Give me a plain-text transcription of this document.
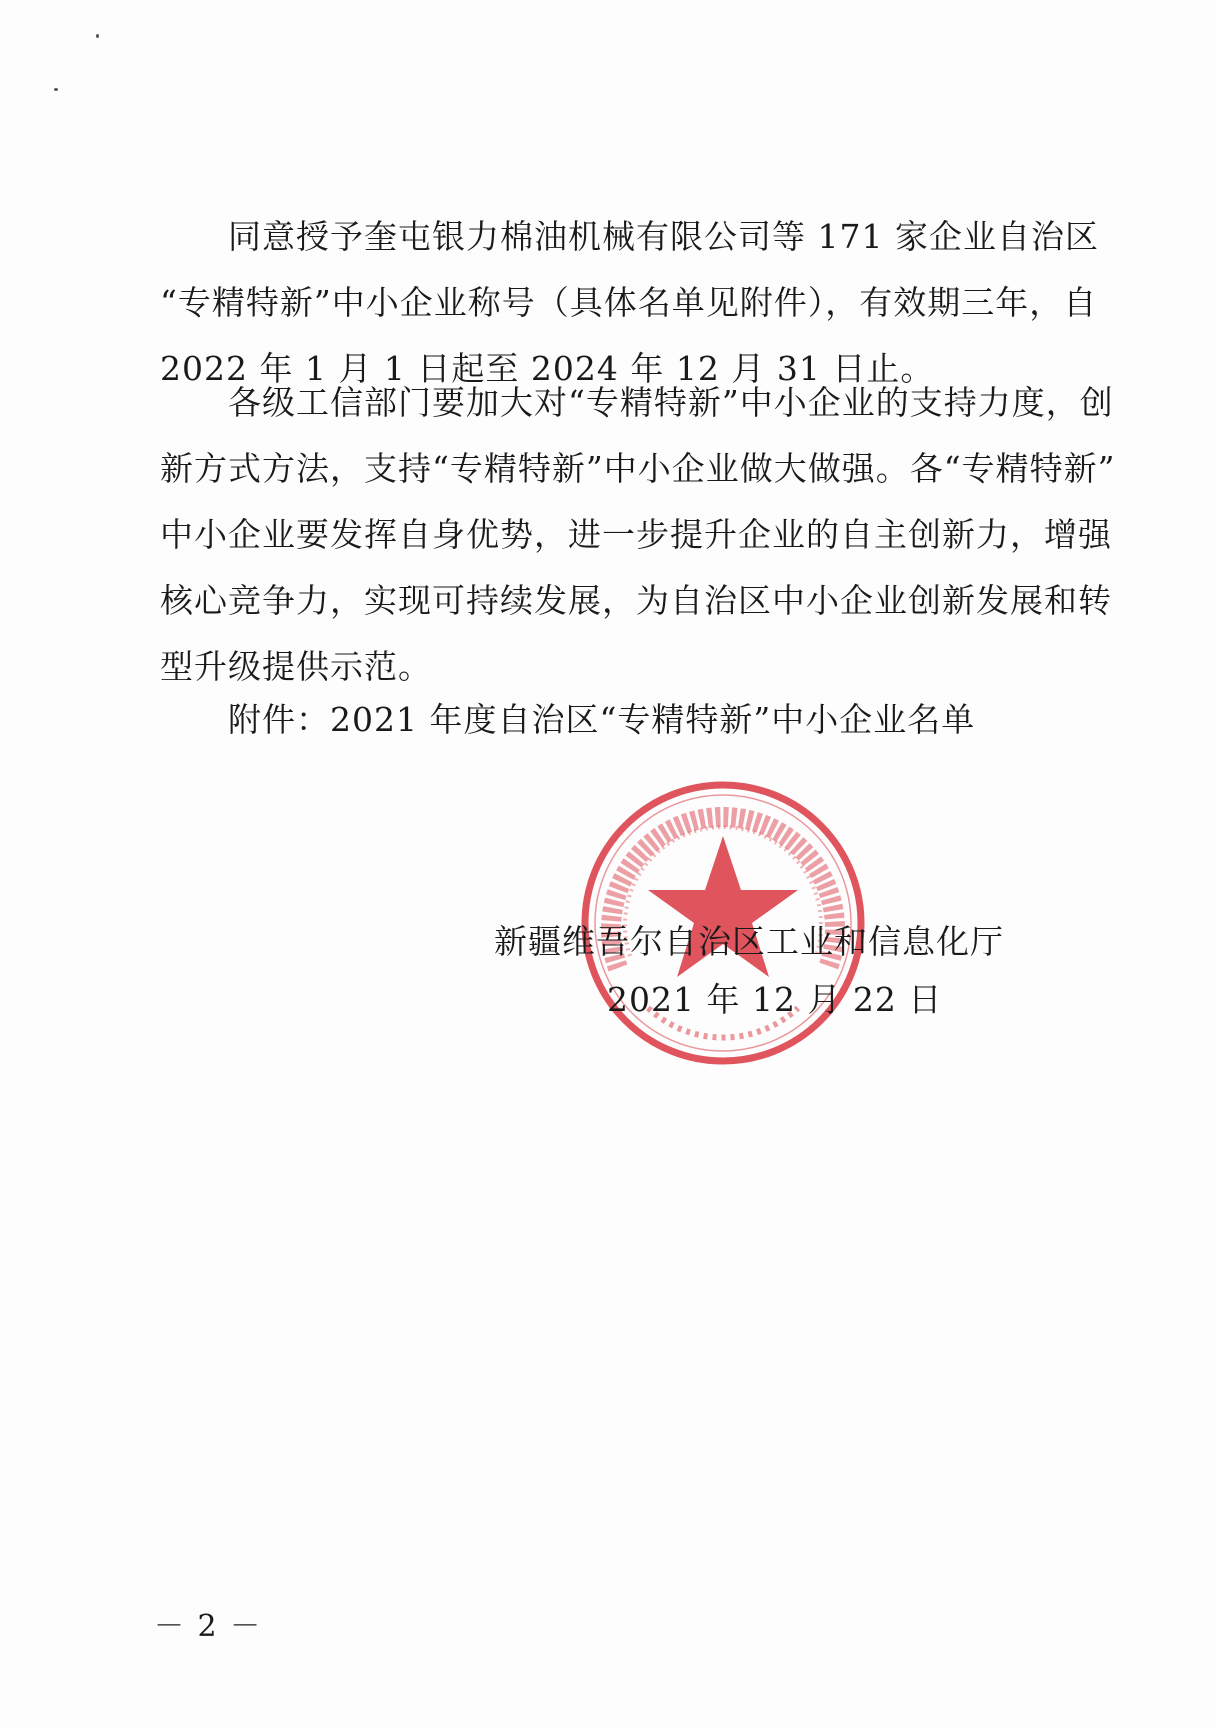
同意授予奎屯银力棉油机械有限公司等 171 家企业自治区
“专精特新”中小企业称号（具体名单见附件），有效期三年，自
2022 年 1 月 1 日起至 2024 年 12 月 31 日止。
各级工信部门要加大对“专精特新”中小企业的支持力度，创
新方式方法，支持“专精特新”中小企业做大做强。各“专精特新”
中小企业要发挥自身优势，进一步提升企业的自主创新力，增强
核心竞争力，实现可持续发展，为自治区中小企业创新发展和转
型升级提供示范。
附件：2021 年度自治区“专精特新”中小企业名单
新疆维吾尔自治区工业和信息化厅
2021 年 12 月 22 日
－ 2 －
